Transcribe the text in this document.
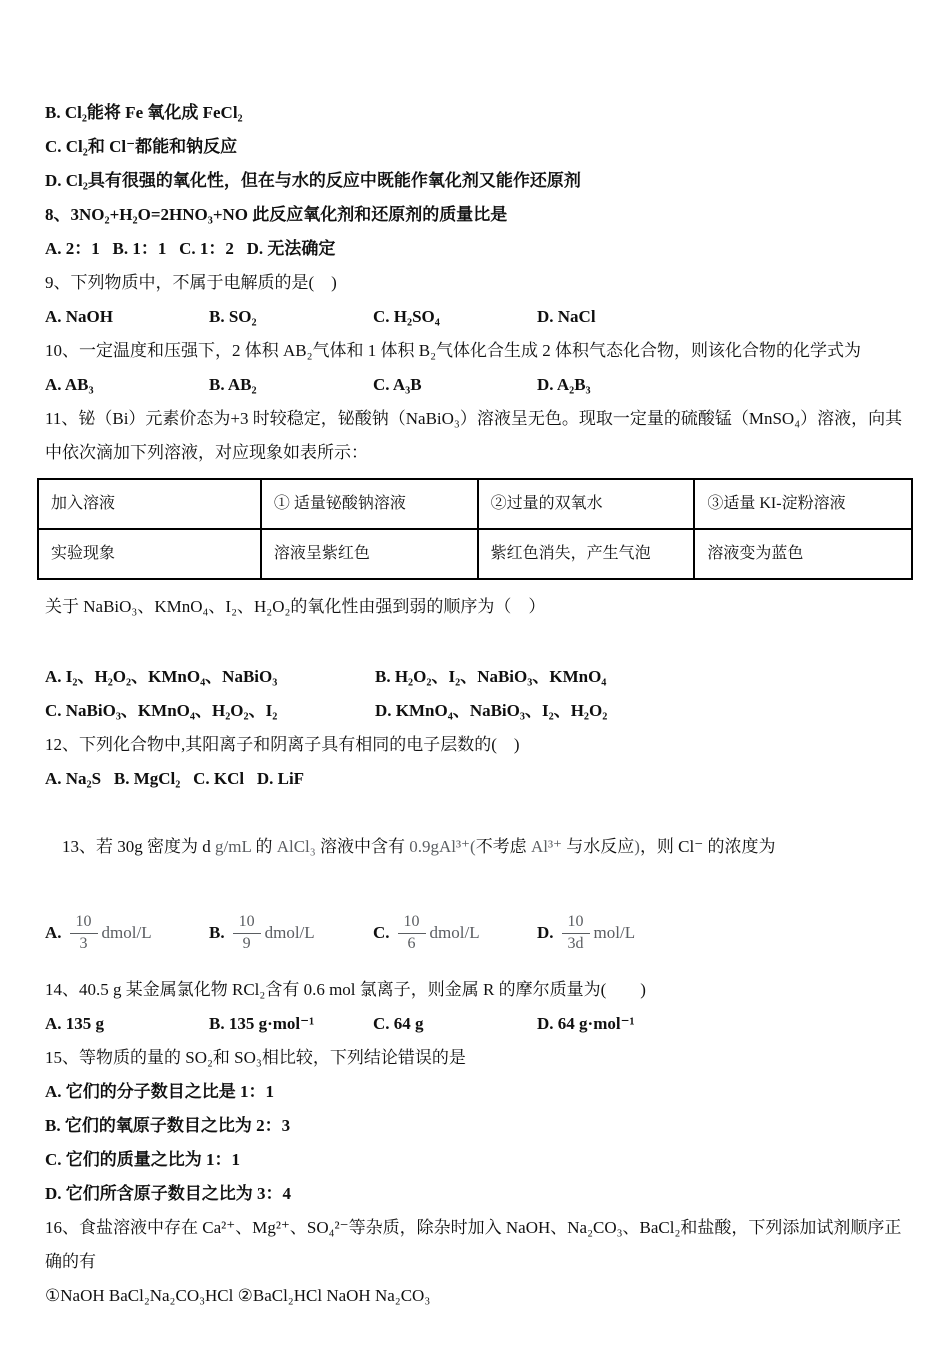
B. Cl₂能将 Fe 氧化成 FeCl₂
C. Cl₂和 Cl⁻都能和钠反应
D. Cl₂具有很强的氧化性，但在与水的反应中既能作氧化剂又能作还原剂
8、3NO₂+H₂O=2HNO₃+NO 此反应氧化剂和还原剂的质量比是
A. 2：1   B. 1：1   C. 1：2   D. 无法确定
9、下列物质中，不属于电解质的是(　)
A. NaOH	B. SO₂	C. H₂SO₄	D. NaCl
10、一定温度和压强下，2 体积 AB₂气体和 1 体积 B₂气体化合生成 2 体积气态化合物，则该化合物的化学式为
A. AB₃	B. AB₂	C. A₃B	D. A₂B₃
11、铋（Bi）元素价态为+3 时较稳定，铋酸钠（NaBiO₃）溶液呈无色。现取一定量的硫酸锰（MnSO₄）溶液，向其中依次滴加下列溶液，对应现象如表所示：
加入溶液	① 适量铋酸钠溶液	②过量的双氧水	③适量 KI-淀粉溶液
实验现象	溶液呈紫红色	紫红色消失，产生气泡	溶液变为蓝色
关于 NaBiO₃、KMnO₄、I₂、H₂O₂的氧化性由强到弱的顺序为（　）
A. I₂、H₂O₂、KMnO₄、NaBiO₃	B. H₂O₂、I₂、NaBiO₃、KMnO₄
C. NaBiO₃、KMnO₄、H₂O₂、I₂	D. KMnO₄、NaBiO₃、I₂、H₂O₂
12、下列化合物中,其阳离子和阴离子具有相同的电子层数的(　)
A. Na₂S   B. MgCl₂   C. KCl   D. LiF

13、若 30g 密度为 d g/mL 的 AlCl₃ 溶液中含有 0.9gAl³⁺(不考虑 Al³⁺ 与水反应)，则 Cl⁻ 的浓度为

A. $\frac{10}{3}$ dmol/L	B. $\frac{10}{9}$ dmol/L	C. $\frac{10}{6}$ dmol/L	D. $\frac{10}{3d} mol/L$
14、40.5 g 某金属氯化物 RCl₂含有 0.6 mol 氯离子，则金属 R 的摩尔质量为(　　)
A. 135 g	B. 135 g·mol⁻¹	C. 64 g	D. 64 g·mol⁻¹
15、等物质的量的 SO₂和 SO₃相比较，下列结论错误的是
A. 它们的分子数目之比是 1：1
B. 它们的氧原子数目之比为 2：3
C. 它们的质量之比为 1：1
D. 它们所含原子数目之比为 3：4
16、食盐溶液中存在 Ca²⁺、Mg²⁺、SO₄²⁻等杂质，除杂时加入 NaOH、Na₂CO₃、BaCl₂和盐酸，下列添加试剂顺序正确的有
①NaOH BaCl₂Na₂CO₃HCl ②BaCl₂HCl NaOH Na₂CO₃
